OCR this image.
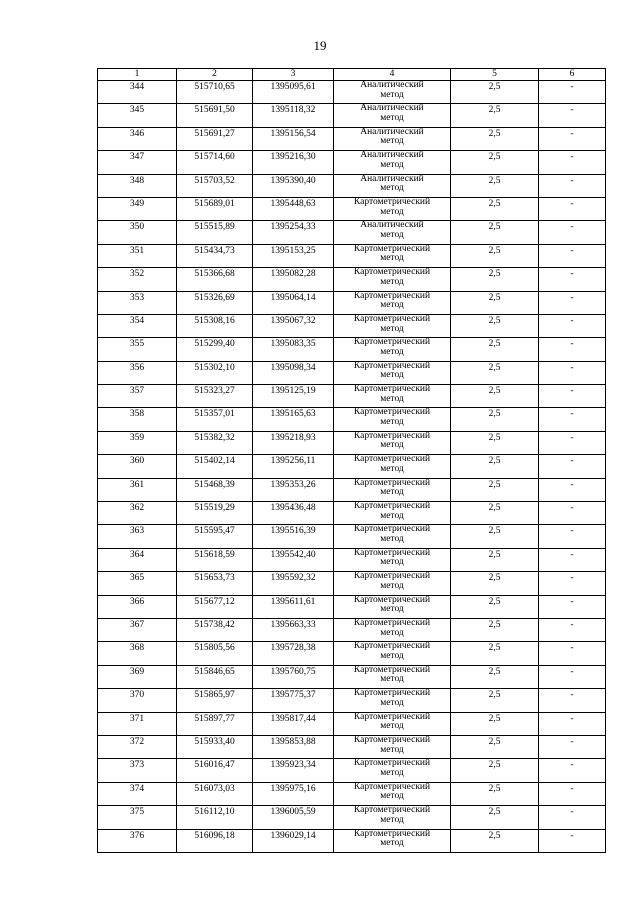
19
1	2	3	4	5	6
344	515710,65	1395095,61	Аналитический
метод	2,5	-
345	515691,50	1395118,32	Аналитический
метод	2,5	-
346	515691,27	1395156,54	Аналитический
метод	2,5	-
347	515714,60	1395216,30	Аналитический
метод	2,5	-
348	515703,52	1395390,40	Аналитический
метод	2,5	-
349	515689,01	1395448,63	Картометрический
метод	2,5	-
350	515515,89	1395254,33	Аналитический
метод	2,5	-
351	515434,73	1395153,25	Картометрический
метод	2,5	-
352	515366,68	1395082,28	Картометрический
метод	2,5	-
353	515326,69	1395064,14	Картометрический
метод	2,5	-
354	515308,16	1395067,32	Картометрический
метод	2,5	-
355	515299,40	1395083,35	Картометрический
метод	2,5	-
356	515302,10	1395098,34	Картометрический
метод	2,5	-
357	515323,27	1395125,19	Картометрический
метод	2,5	-
358	515357,01	1395165,63	Картометрический
метод	2,5	-
359	515382,32	1395218,93	Картометрический
метод	2,5	-
360	515402,14	1395256,11	Картометрический
метод	2,5	-
361	515468,39	1395353,26	Картометрический
метод	2,5	-
362	515519,29	1395436,48	Картометрический
метод	2,5	-
363	515595,47	1395516,39	Картометрический
метод	2,5	-
364	515618,59	1395542,40	Картометрический
метод	2,5	-
365	515653,73	1395592,32	Картометрический
метод	2,5	-
366	515677,12	1395611,61	Картометрический
метод	2,5	-
367	515738,42	1395663,33	Картометрический
метод	2,5	-
368	515805,56	1395728,38	Картометрический
метод	2,5	-
369	515846,65	1395760,75	Картометрический
метод	2,5	-
370	515865,97	1395775,37	Картометрический
метод	2,5	-
371	515897,77	1395817,44	Картометрический
метод	2,5	-
372	515933,40	1395853,88	Картометрический
метод	2,5	-
373	516016,47	1395923,34	Картометрический
метод	2,5	-
374	516073,03	1395975,16	Картометрический
метод	2,5	-
375	516112,10	1396005,59	Картометрический
метод	2,5	-
376	516096,18	1396029,14	Картометрический
метод	2,5	-
